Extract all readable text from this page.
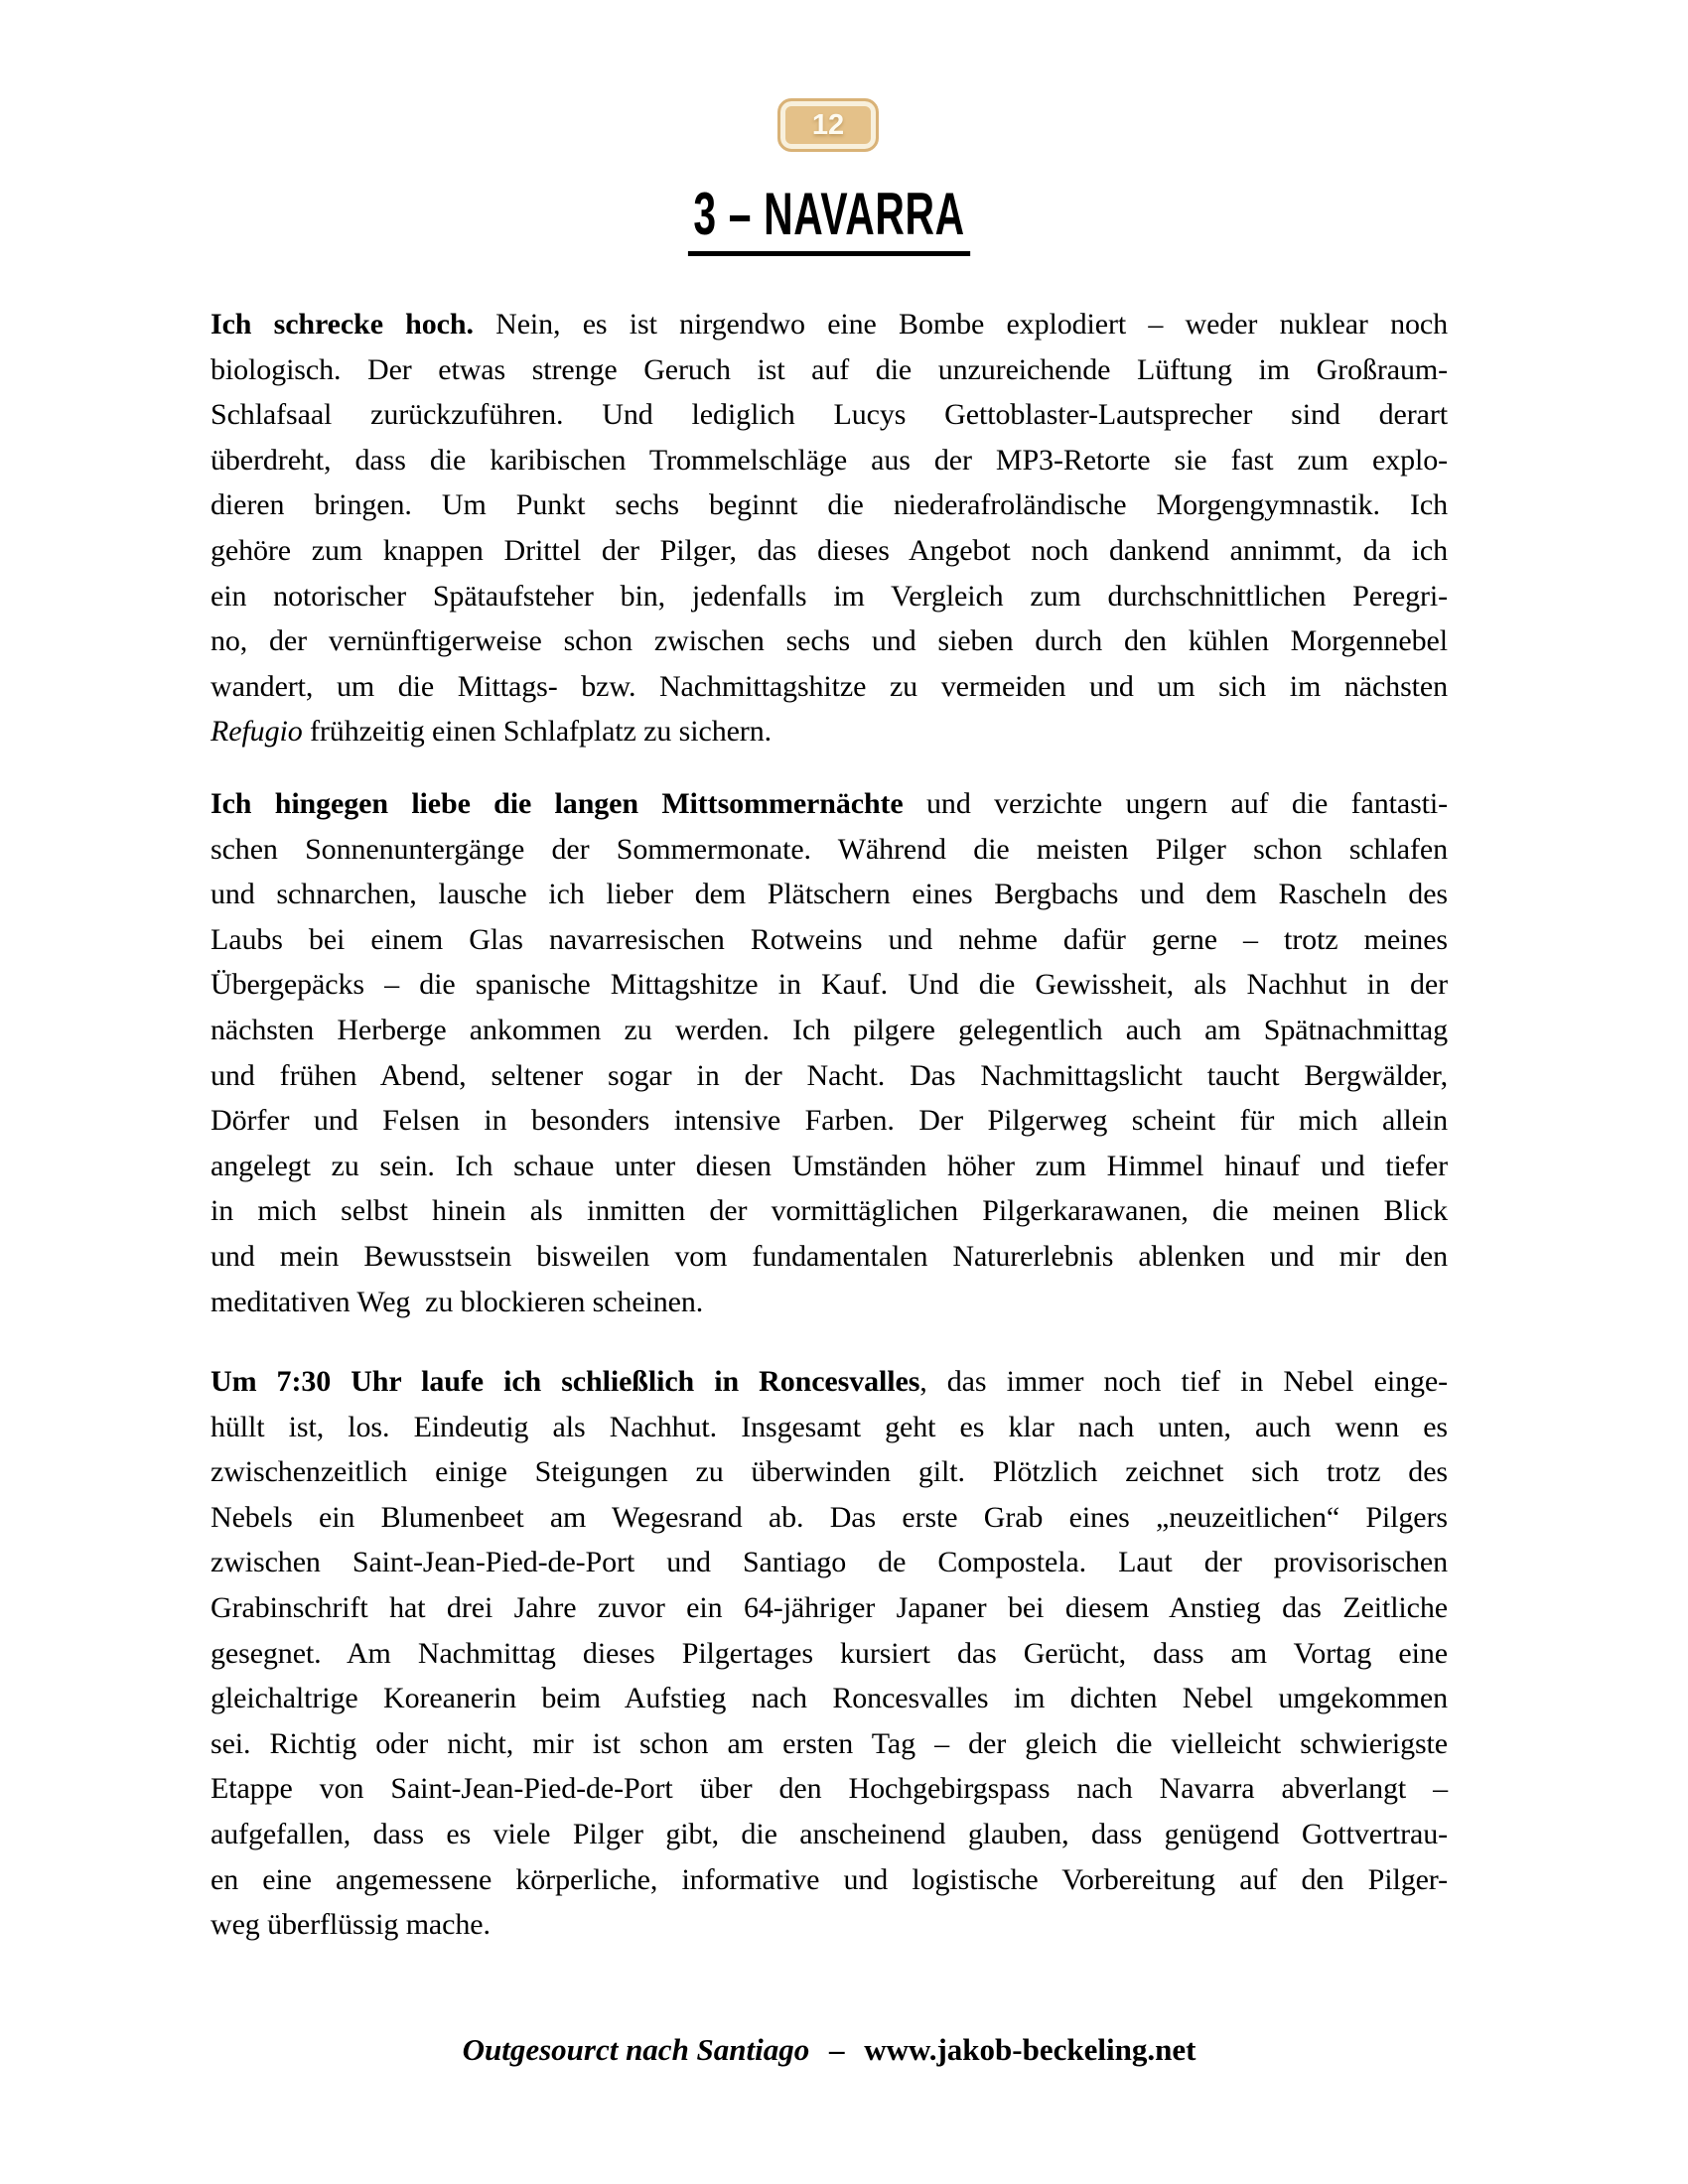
12
3 – NAVARRA
Ich schrecke hoch. Nein, es ist nirgendwo eine Bombe explodiert – weder nuklear noch
biologisch. Der etwas strenge Geruch ist auf die unzureichende Lüftung im Großraum-
Schlafsaal zurückzuführen. Und lediglich Lucys Gettoblaster-Lautsprecher sind derart
überdreht, dass die karibischen Trommelschläge aus der MP3-Retorte sie fast zum explo-
dieren bringen. Um Punkt sechs beginnt die niederafroländische Morgengymnastik. Ich
gehöre zum knappen Drittel der Pilger, das dieses Angebot noch dankend annimmt, da ich
ein notorischer Spätaufsteher bin, jedenfalls im Vergleich zum durchschnittlichen Peregri-
no, der vernünftigerweise schon zwischen sechs und sieben durch den kühlen Morgennebel
wandert, um die Mittags- bzw. Nachmittagshitze zu vermeiden und um sich im nächsten
Refugio frühzeitig einen Schlafplatz zu sichern.
Ich hingegen liebe die langen Mittsommernächte und verzichte ungern auf die fantasti-
schen Sonnenuntergänge der Sommermonate. Während die meisten Pilger schon schlafen
und schnarchen, lausche ich lieber dem Plätschern eines Bergbachs und dem Rascheln des
Laubs bei einem Glas navarresischen Rotweins und nehme dafür gerne – trotz meines
Übergepäcks – die spanische Mittagshitze in Kauf. Und die Gewissheit, als Nachhut in der
nächsten Herberge ankommen zu werden. Ich pilgere gelegentlich auch am Spätnachmittag
und frühen Abend, seltener sogar in der Nacht. Das Nachmittagslicht taucht Bergwälder,
Dörfer und Felsen in besonders intensive Farben. Der Pilgerweg scheint für mich allein
angelegt zu sein. Ich schaue unter diesen Umständen höher zum Himmel hinauf und tiefer
in mich selbst hinein als inmitten der vormittäglichen Pilgerkarawanen, die meinen Blick
und mein Bewusstsein bisweilen vom fundamentalen Naturerlebnis ablenken und mir den
meditativen Weg  zu blockieren scheinen.
Um 7:30 Uhr laufe ich schließlich in Roncesvalles, das immer noch tief in Nebel einge-
hüllt ist, los. Eindeutig als Nachhut. Insgesamt geht es klar nach unten, auch wenn es
zwischenzeitlich einige Steigungen zu überwinden gilt. Plötzlich zeichnet sich trotz des
Nebels ein Blumenbeet am Wegesrand ab. Das erste Grab eines „neuzeitlichen“ Pilgers
zwischen Saint-Jean-Pied-de-Port und Santiago de Compostela. Laut der provisorischen
Grabinschrift hat drei Jahre zuvor ein 64-jähriger Japaner bei diesem Anstieg das Zeitliche
gesegnet. Am Nachmittag dieses Pilgertages kursiert das Gerücht, dass am Vortag eine
gleichaltrige Koreanerin beim Aufstieg nach Roncesvalles im dichten Nebel umgekommen
sei. Richtig oder nicht, mir ist schon am ersten Tag – der gleich die vielleicht schwierigste
Etappe von Saint-Jean-Pied-de-Port über den Hochgebirgspass nach Navarra abverlangt –
aufgefallen, dass es viele Pilger gibt, die anscheinend glauben, dass genügend Gottvertrau-
en eine angemessene körperliche, informative und logistische Vorbereitung auf den Pilger-
weg überflüssig mache.
Outgesourct nach Santiago – www.jakob-beckeling.net
